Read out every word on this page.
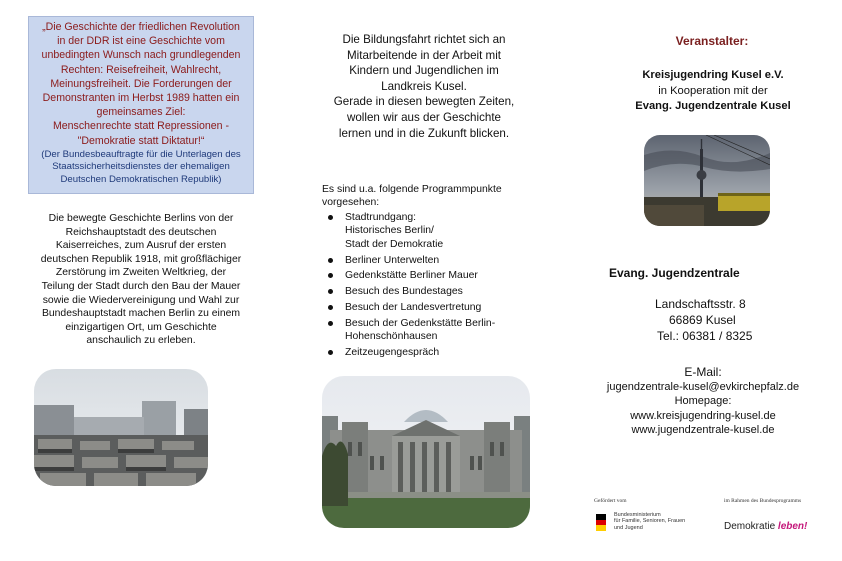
„Die Geschichte der friedlichen Revolution
in der DDR ist eine Geschichte vom
unbedingten Wunsch nach grundlegenden
Rechten: Reisefreiheit, Wahlrecht,
Meinungsfreiheit. Die Forderungen der
Demonstranten im Herbst 1989 hatten ein
gemeinsames Ziel:
Menschenrechte statt Repressionen -
"Demokratie statt Diktatur!“
(Der Bundesbeauftragte für die Unterlagen des
Staatssicherheitsdienstes der ehemaligen
Deutschen Demokratischen Republik)
Die bewegte Geschichte Berlins von der
Reichshauptstadt des deutschen
Kaiserreiches, zum Ausruf der ersten
deutschen Republik 1918, mit großflächiger
Zerstörung im Zweiten Weltkrieg, der
Teilung der Stadt durch den Bau der Mauer
sowie die Wiedervereinigung und Wahl zur
Bundeshauptstadt machen Berlin zu einem
einzigartigen Ort, um Geschichte
anschaulich zu erleben.
Die Bildungsfahrt richtet sich an
Mitarbeitende in der Arbeit mit
Kindern und Jugendlichen im
Landkreis Kusel.
Gerade in diesen bewegten Zeiten,
wollen wir aus der Geschichte
lernen und in die Zukunft blicken.
Es sind u.a. folgende Programmpunkte
vorgesehen:
Stadtrundgang:
Historisches Berlin/
Stadt der Demokratie
Berliner Unterwelten
Gedenkstätte Berliner Mauer
Besuch des Bundestages
Besuch der Landesvertretung
Besuch der Gedenkstätte Berlin-
Hohenschönhausen
Zeitzeugengespräch
Veranstalter:
Kreisjugendring Kusel e.V.
in Kooperation mit der
Evang. Jugendzentrale Kusel
Evang. Jugendzentrale
Landschaftsstr. 8
66869 Kusel
Tel.: 06381 / 8325
E-Mail:
jugendzentrale-kusel@evkirchepfalz.de
Homepage:
www.kreisjugendring-kusel.de
www.jugendzentrale-kusel.de
Gefördert vom	im Rahmen des Bundesprogramms
Bundesministerium
für Familie, Senioren, Frauen
und Jugend	Demokratie leben!
